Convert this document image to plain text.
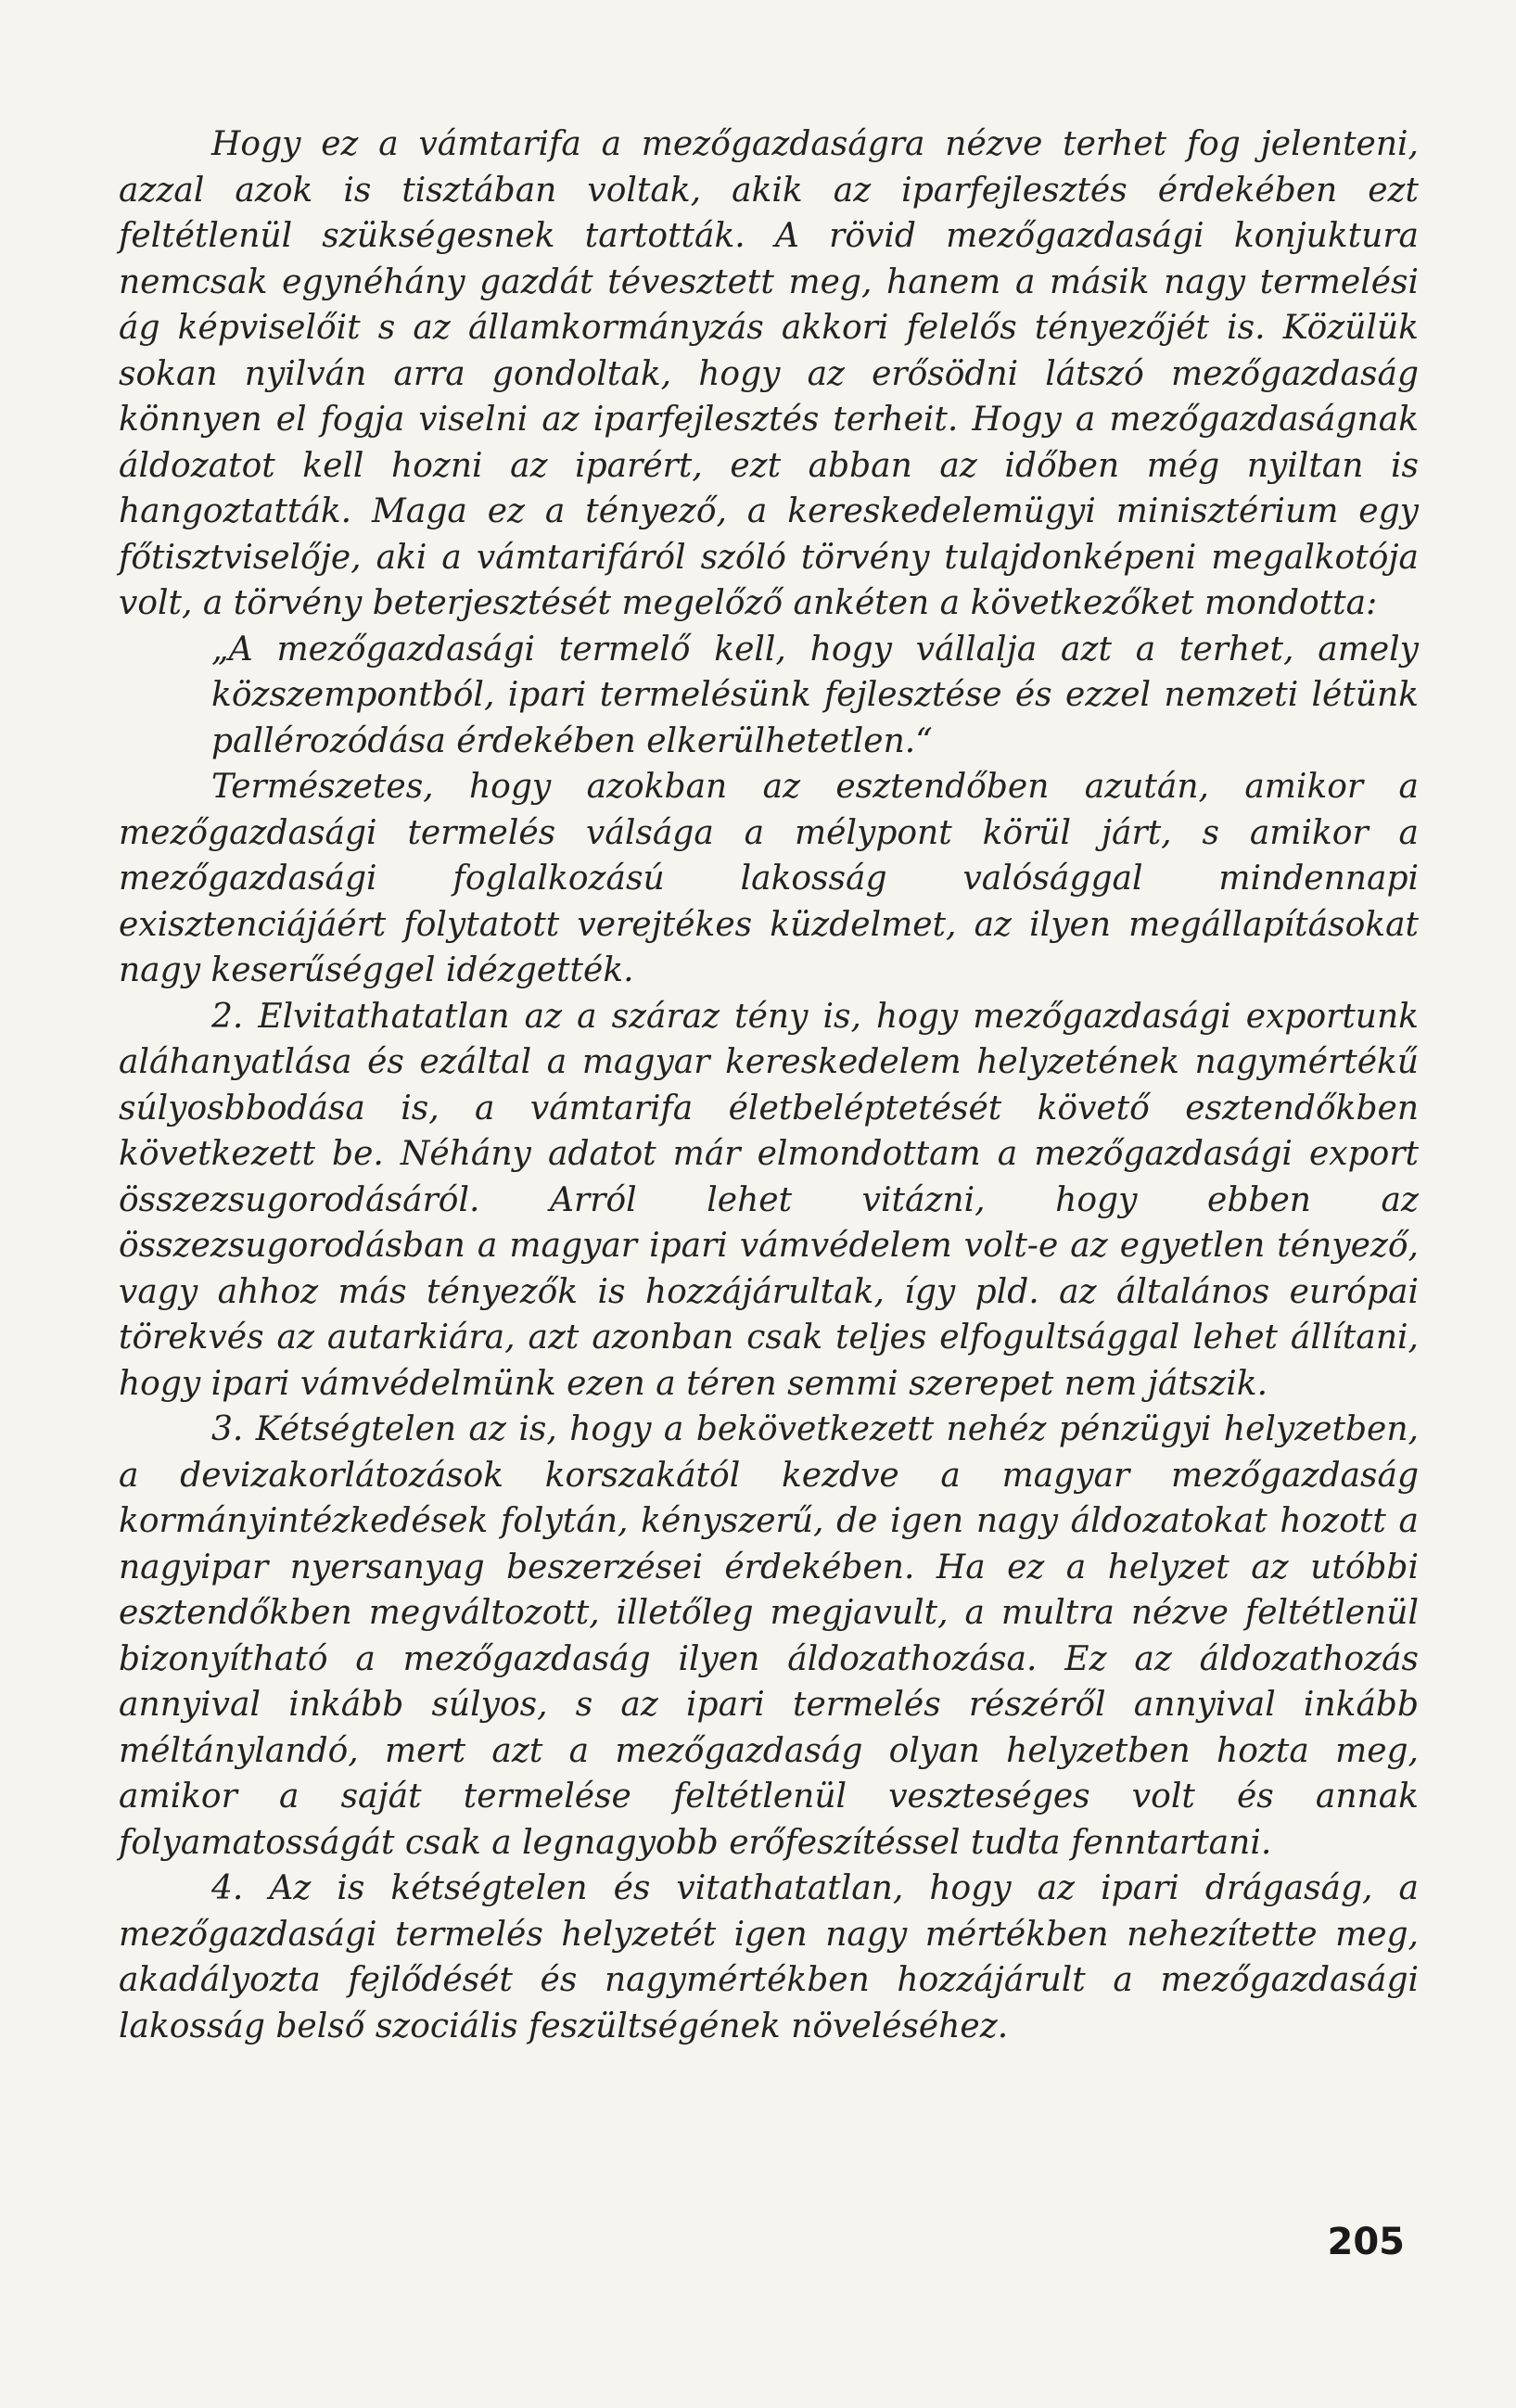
Hogy ez a vámtarifa a mezőgazdaságra nézve terhet fog jelenteni, azzal azok is tisztában voltak, akik az iparfejlesztés érdekében ezt feltétlenül szükségesnek tartották. A rövid mezőgazdasági konjuktura nemcsak egynéhány gazdát tévesztett meg, hanem a másik nagy termelési ág képviselőit s az államkormányzás akkori felelős tényezőjét is. Közülük sokan nyilván arra gondoltak, hogy az erősödni látszó mezőgazdaság könnyen el fogja viselni az iparfejlesztés terheit. Hogy a mezőgazdaságnak áldozatot kell hozni az iparért, ezt abban az időben még nyiltan is hangoztatták. Maga ez a tényező, a kereskedelemügyi minisztérium egy főtisztviselője, aki a vámtarifáról szóló törvény tulajdonképeni megalkotója volt, a törvény beterjesztését megelőző ankéten a következőket mondotta:

„A mezőgazdasági termelő kell, hogy vállalja azt a terhet, amely közszempontból, ipari termelésünk fejlesztése és ezzel nemzeti létünk pallérozódása érdekében elkerülhetetlen.“

Természetes, hogy azokban az esztendőben azután, amikor a mezőgazdasági termelés válsága a mélypont körül járt, s amikor a mezőgazdasági foglalkozású lakosság valósággal mindennapi exisztenciájáért folytatott verejtékes küzdelmet, az ilyen megállapításokat nagy keserűséggel idézgették.

2. Elvitathatatlan az a száraz tény is, hogy mezőgazdasági exportunk aláhanyatlása és ezáltal a magyar kereskedelem helyzetének nagymértékű súlyosbbodása is, a vámtarifa életbeléptetését követő esztendőkben következett be. Néhány adatot már elmondottam a mezőgazdasági export összezsugorodásáról. Arról lehet vitázni, hogy ebben az összezsugorodásban a magyar ipari vámvédelem volt-e az egyetlen tényező, vagy ahhoz más tényezők is hozzájárultak, így pld. az általános európai törekvés az autarkiára, azt azonban csak teljes elfogultsággal lehet állítani, hogy ipari vámvédelmünk ezen a téren semmi szerepet nem játszik.

3. Kétségtelen az is, hogy a bekövetkezett nehéz pénzügyi helyzetben, a devizakorlátozások korszakától kezdve a magyar mezőgazdaság kormányintézkedések folytán, kényszerű, de igen nagy áldozatokat hozott a nagyipar nyersanyag beszerzései érdekében. Ha ez a helyzet az utóbbi esztendőkben megváltozott, illetőleg megjavult, a multra nézve feltétlenül bizonyítható a mezőgazdaság ilyen áldozathozása. Ez az áldozathozás annyival inkább súlyos, s az ipari termelés részéről annyival inkább méltánylandó, mert azt a mezőgazdaság olyan helyzetben hozta meg, amikor a saját termelése feltétlenül veszteséges volt és annak folyamatosságát csak a legnagyobb erőfeszítéssel tudta fenntartani.

4. Az is kétségtelen és vitathatatlan, hogy az ipari drágaság, a mezőgazdasági termelés helyzetét igen nagy mértékben nehezítette meg, akadályozta fejlődését és nagymértékben hozzájárult a mezőgazdasági lakosság belső szociális feszültségének növeléséhez.

205
